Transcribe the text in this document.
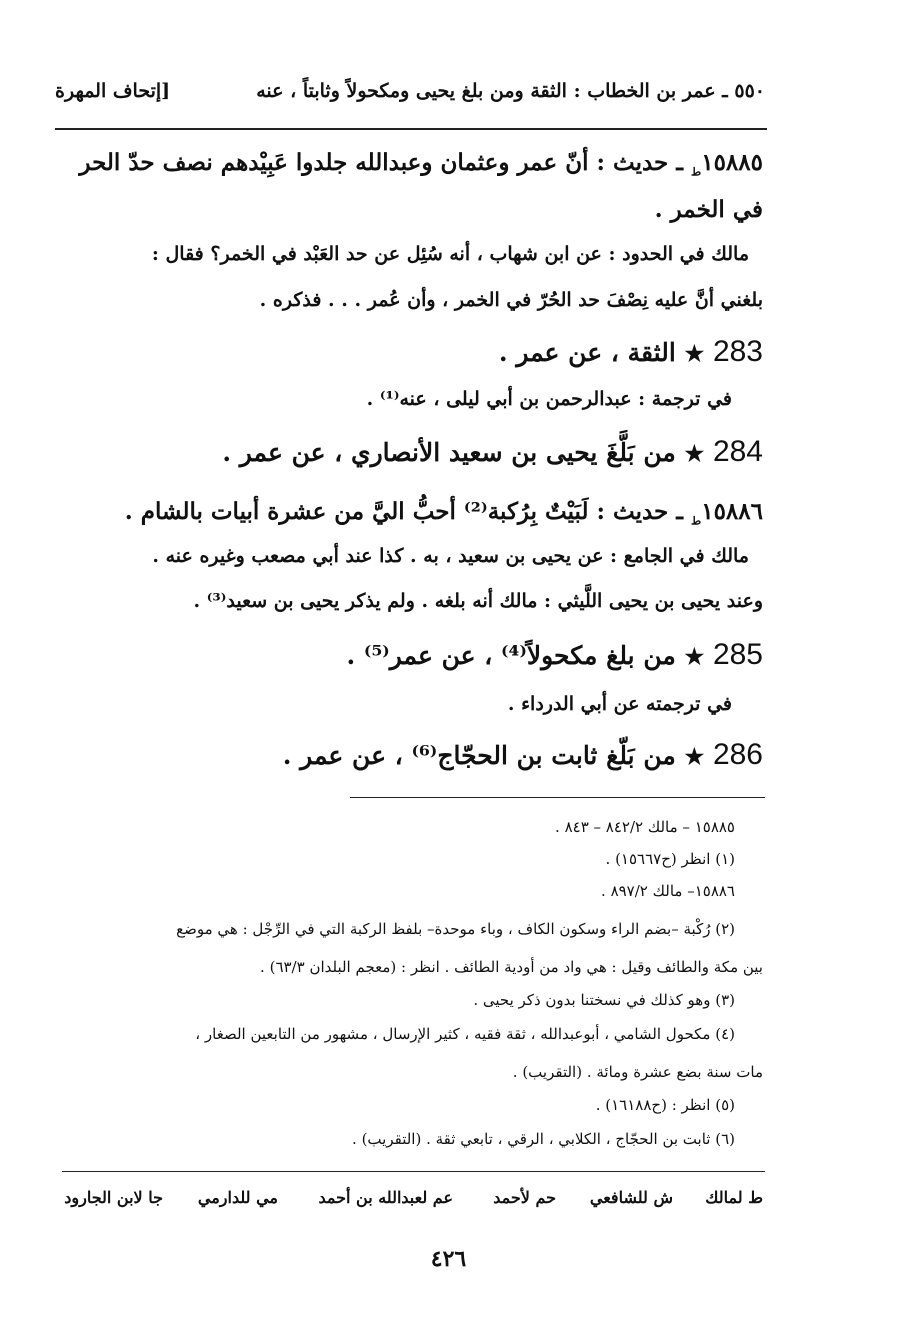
٥٥٠ ـ عمر بن الخطاب : الثقة ومن بلغ يحيى ومكحولاً وثابتاً ، عنه
[إتحاف المهرة
$١٥٨٨٥_ط$ ـ حديث : أنّ عمر وعثمان وعبدالله جلدوا عَبِيْدهم نصف حدّ الحر
في الخمر .
مالك في الحدود : عن ابن شهاب ، أنه سُئِل عن حد العَبْد في الخمر؟ فقال :
بلغني أنَّ عليه نِصْفَ حد الحُرّ في الخمر ، وأن عُمر . . . فذكره .
283 ★ الثقة ، عن عمر .
في ترجمة : عبدالرحمن بن أبي ليلى ، عنه⁽¹⁾ .
284 ★ من بَلَّغَ يحيى بن سعيد الأنصاري ، عن عمر .
$١٥٨٨٦_ط$ ـ حديث : لَبَيْتٌ بِرُكبة⁽²⁾ أحبُّ اليَّ من عشرة أبيات بالشام .
مالك في الجامع : عن يحيى بن سعيد ، به . كذا عند أبي مصعب وغيره عنه .
وعند يحيى بن يحيى اللَّيثي : مالك أنه بلغه . ولم يذكر يحيى بن سعيد⁽³⁾ .
285 ★ من بلغ مكحولاً⁽⁴⁾ ، عن عمر⁽⁵⁾ .
في ترجمته عن أبي الدرداء .
286 ★ من بَلّغ ثابت بن الحجّاج⁽⁶⁾ ، عن عمر .
١٥٨٨٥ – مالك ٨٤٢/٢ – ٨٤٣ .
(١) انظر (ح١٥٦٦٧) .
١٥٨٨٦– مالك ٨٩٧/٢ .
(٢) رُكْبة –بضم الراء وسكون الكاف ، وباء موحدة– بلفظ الركبة التي في الرِّجْل : هي موضع
بين مكة والطائف وقيل : هي واد من أودية الطائف . انظر : (معجم البلدان ٦٣/٣) .
(٣) وهو كذلك في نسختنا بدون ذكر يحيى .
(٤) مكحول الشامي ، أبوعبدالله ، ثقة فقيه ، كثير الإرسال ، مشهور من التابعين الصغار ،
مات سنة بضع عشرة ومائة . (التقريب) .
(٥) انظر : (ح١٦١٨٨) .
(٦) ثابت بن الحجّاج ، الكلابي ، الرقي ، تابعي ثقة . (التقريب) .
ط لمالك
ش للشافعي
حم لأحمد
عم لعبدالله بن أحمد
مي للدارمي
جا لابن الجارود
٤٢٦
